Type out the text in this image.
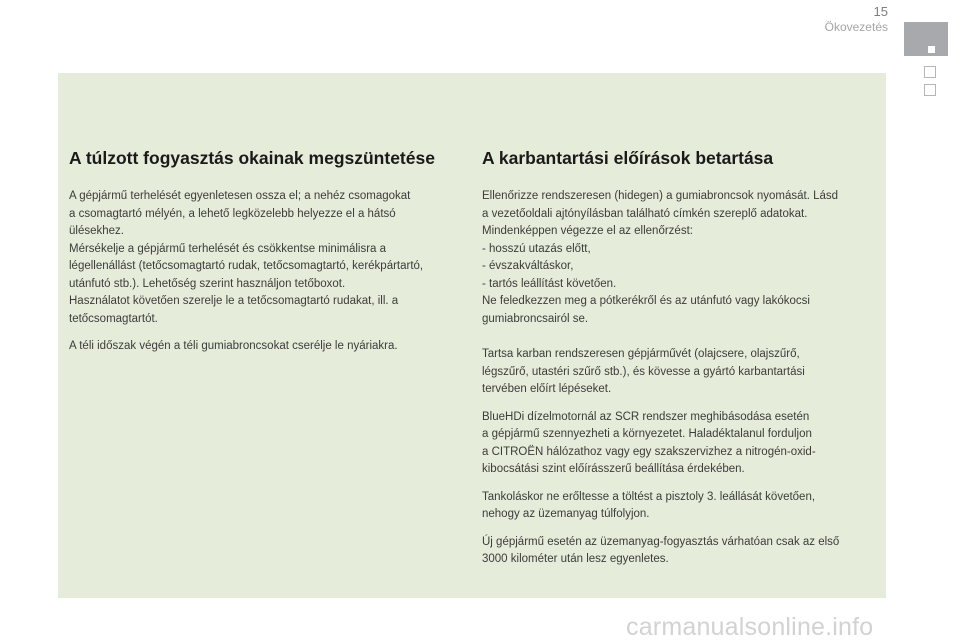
15
Ökovezetés
A túlzott fogyasztás okainak megszüntetése
A gépjármű terhelését egyenletesen ossza el; a nehéz csomagokat
a csomagtartó mélyén, a lehető legközelebb helyezze el a hátsó
ülésekhez.
Mérsékelje a gépjármű terhelését és csökkentse minimálisra a
légellenállást (tetőcsomagtartó rudak, tetőcsomagtartó, kerékpártartó,
utánfutó stb.). Lehetőség szerint használjon tetőboxot.
Használatot követően szerelje le a tetőcsomagtartó rudakat, ill. a
tetőcsomagtartót.
A téli időszak végén a téli gumiabroncsokat cserélje le nyáriakra.
A karbantartási előírások betartása
Ellenőrizze rendszeresen (hidegen) a gumiabroncsok nyomását. Lásd
a vezetőoldali ajtónyílásban található címkén szereplő adatokat.
Mindenképpen végezze el az ellenőrzést:
- hosszú utazás előtt,
- évszakváltáskor,
- tartós leállítást követően.
Ne feledkezzen meg a pótkerékről és az utánfutó vagy lakókocsi
gumiabroncsairól se.
Tartsa karban rendszeresen gépjárművét (olajcsere, olajszűrő,
légszűrő, utastéri szűrő stb.), és kövesse a gyártó karbantartási
tervében előírt lépéseket.
BlueHDi dízelmotornál az SCR rendszer meghibásodása esetén
a gépjármű szennyezheti a környezetet. Haladéktalanul forduljon
a CITROËN hálózathoz vagy egy szakszervizhez a nitrogén-oxid-
kibocsátási szint előírásszerű beállítása érdekében.
Tankoláskor ne erőltesse a töltést a pisztoly 3. leállását követően,
nehogy az üzemanyag túlfolyjon.
Új gépjármű esetén az üzemanyag-fogyasztás várhatóan csak az első
3000 kilométer után lesz egyenletes.
carmanualsonline.info
